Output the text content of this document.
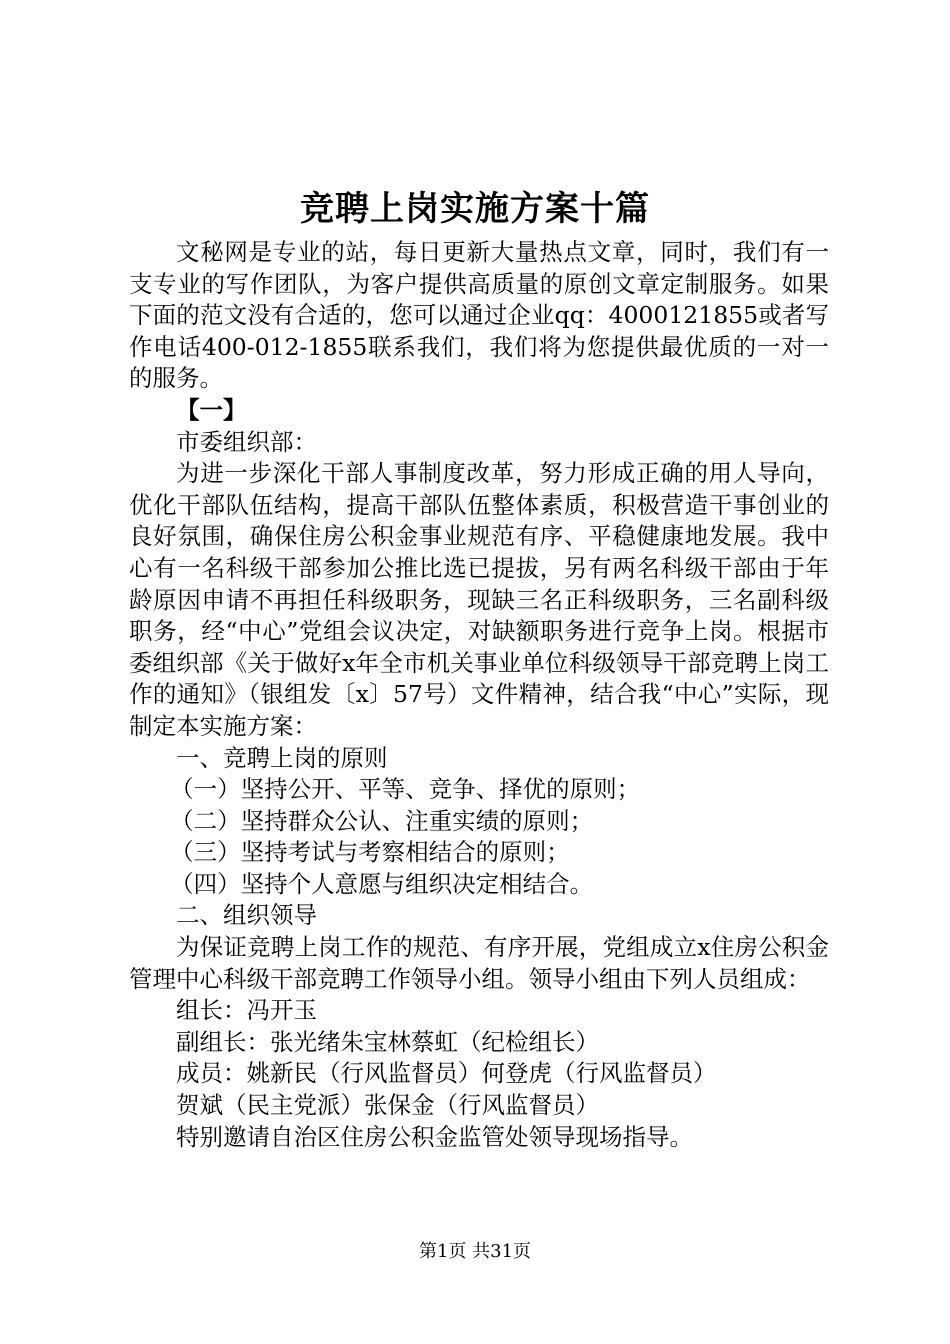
竞聘上岗实施方案十篇

文秘网是专业的站，每日更新大量热点文章，同时，我们有一支专业的写作团队，为客户提供高质量的原创文章定制服务。如果下面的范文没有合适的，您可以通过企业qq：4000121855或者写作电话400-012-1855联系我们，我们将为您提供最优质的一对一的服务。

【一】

市委组织部：

为进一步深化干部人事制度改革，努力形成正确的用人导向，优化干部队伍结构，提高干部队伍整体素质，积极营造干事创业的良好氛围，确保住房公积金事业规范有序、平稳健康地发展。我中心有一名科级干部参加公推比选已提拔，另有两名科级干部由于年龄原因申请不再担任科级职务，现缺三名正科级职务，三名副科级职务，经“中心”党组会议决定，对缺额职务进行竞争上岗。根据市委组织部《关于做好x年全市机关事业单位科级领导干部竞聘上岗工作的通知》（银组发〔x〕57号）文件精神，结合我“中心”实际，现制定本实施方案：

一、竞聘上岗的原则

（一）坚持公开、平等、竞争、择优的原则；

（二）坚持群众公认、注重实绩的原则；

（三）坚持考试与考察相结合的原则；

（四）坚持个人意愿与组织决定相结合。

二、组织领导

为保证竞聘上岗工作的规范、有序开展，党组成立x住房公积金管理中心科级干部竞聘工作领导小组。领导小组由下列人员组成：

组长：冯开玉

副组长：张光绪朱宝林蔡虹（纪检组长）

成员：姚新民（行风监督员）何登虎（行风监督员）

贺斌（民主党派）张保金（行风监督员）

特别邀请自治区住房公积金监管处领导现场指导。

第1页 共31页
